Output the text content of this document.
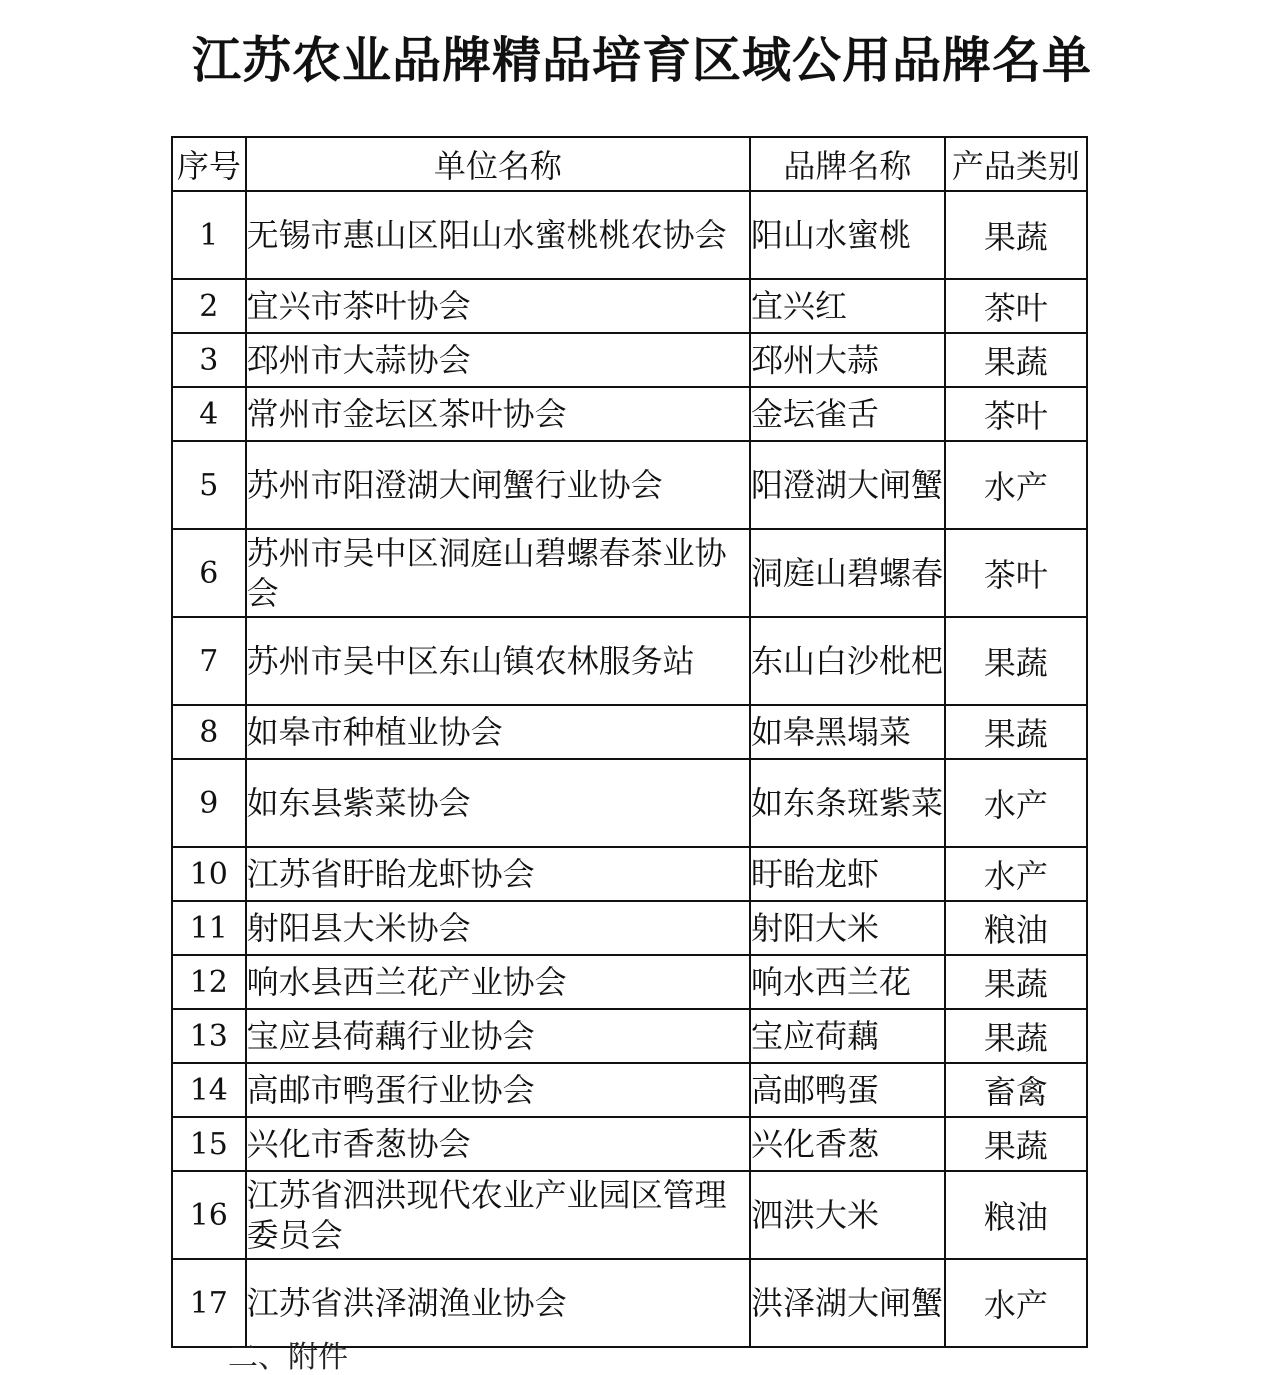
江苏农业品牌精品培育区域公用品牌名单
序号	单位名称	品牌名称	产品类别
1	无锡市惠山区阳山水蜜桃桃农协会	阳山水蜜桃	果蔬
2	宜兴市茶叶协会	宜兴红	茶叶
3	邳州市大蒜协会	邳州大蒜	果蔬
4	常州市金坛区茶叶协会	金坛雀舌	茶叶
5	苏州市阳澄湖大闸蟹行业协会	阳澄湖大闸蟹	水产
6	苏州市吴中区洞庭山碧螺春茶业协会	洞庭山碧螺春	茶叶
7	苏州市吴中区东山镇农林服务站	东山白沙枇杷	果蔬
8	如皋市种植业协会	如皋黑塌菜	果蔬
9	如东县紫菜协会	如东条斑紫菜	水产
10	江苏省盱眙龙虾协会	盱眙龙虾	水产
11	射阳县大米协会	射阳大米	粮油
12	响水县西兰花产业协会	响水西兰花	果蔬
13	宝应县荷藕行业协会	宝应荷藕	果蔬
14	高邮市鸭蛋行业协会	高邮鸭蛋	畜禽
15	兴化市香葱协会	兴化香葱	果蔬
16	江苏省泗洪现代农业产业园区管理委员会	泗洪大米	粮油
17	江苏省洪泽湖渔业协会	洪泽湖大闸蟹	水产
二、附件
